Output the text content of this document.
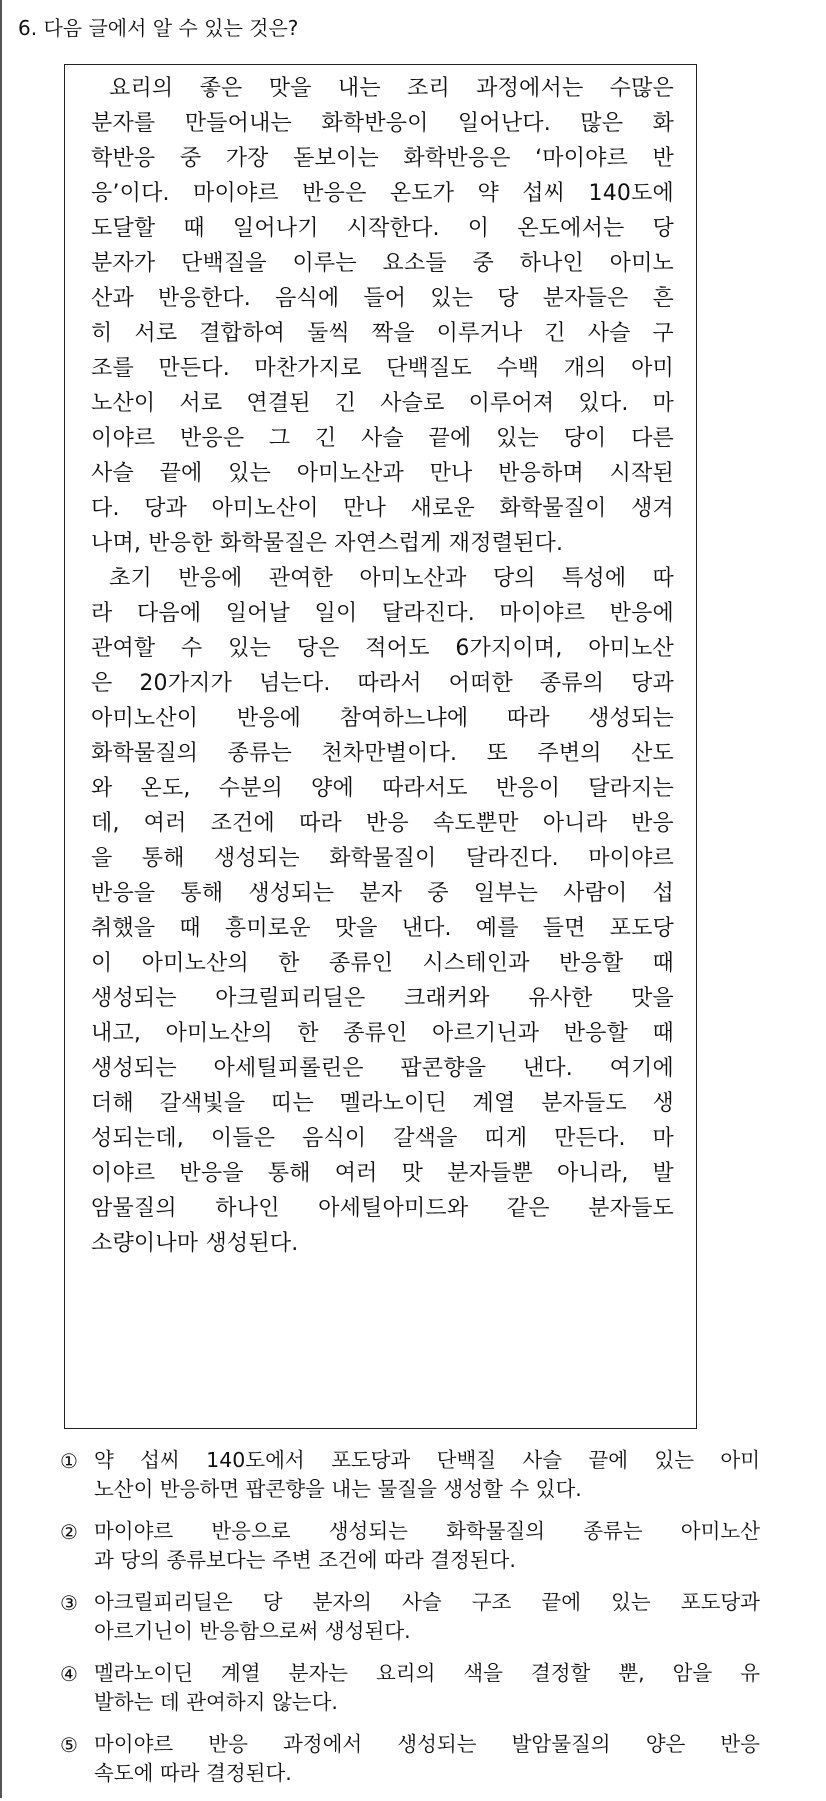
6. 다음 글에서 알 수 있는 것은?
요리의 좋은 맛을 내는 조리 과정에서는 수많은
분자를 만들어내는 화학반응이 일어난다. 많은 화
학반응 중 가장 돋보이는 화학반응은 ‘마이야르 반
응’이다. 마이야르 반응은 온도가 약 섭씨 140도에
도달할 때 일어나기 시작한다. 이 온도에서는 당
분자가 단백질을 이루는 요소들 중 하나인 아미노
산과 반응한다. 음식에 들어 있는 당 분자들은 흔
히 서로 결합하여 둘씩 짝을 이루거나 긴 사슬 구
조를 만든다. 마찬가지로 단백질도 수백 개의 아미
노산이 서로 연결된 긴 사슬로 이루어져 있다. 마
이야르 반응은 그 긴 사슬 끝에 있는 당이 다른
사슬 끝에 있는 아미노산과 만나 반응하며 시작된
다. 당과 아미노산이 만나 새로운 화학물질이 생겨
나며, 반응한 화학물질은 자연스럽게 재정렬된다.
초기 반응에 관여한 아미노산과 당의 특성에 따
라 다음에 일어날 일이 달라진다. 마이야르 반응에
관여할 수 있는 당은 적어도 6가지이며, 아미노산
은 20가지가 넘는다. 따라서 어떠한 종류의 당과
아미노산이 반응에 참여하느냐에 따라 생성되는
화학물질의 종류는 천차만별이다. 또 주변의 산도
와 온도, 수분의 양에 따라서도 반응이 달라지는
데, 여러 조건에 따라 반응 속도뿐만 아니라 반응
을 통해 생성되는 화학물질이 달라진다. 마이야르
반응을 통해 생성되는 분자 중 일부는 사람이 섭
취했을 때 흥미로운 맛을 낸다. 예를 들면 포도당
이 아미노산의 한 종류인 시스테인과 반응할 때
생성되는 아크릴피리딜은 크래커와 유사한 맛을
내고, 아미노산의 한 종류인 아르기닌과 반응할 때
생성되는 아세틸피롤린은 팝콘향을 낸다. 여기에
더해 갈색빛을 띠는 멜라노이딘 계열 분자들도 생
성되는데, 이들은 음식이 갈색을 띠게 만든다. 마
이야르 반응을 통해 여러 맛 분자들뿐 아니라, 발
암물질의 하나인 아세틸아미드와 같은 분자들도
소량이나마 생성된다.
① 약 섭씨 140도에서 포도당과 단백질 사슬 끝에 있는 아미
노산이 반응하면 팝콘향을 내는 물질을 생성할 수 있다.
② 마이야르 반응으로 생성되는 화학물질의 종류는 아미노산
과 당의 종류보다는 주변 조건에 따라 결정된다.
③ 아크릴피리딜은 당 분자의 사슬 구조 끝에 있는 포도당과
아르기닌이 반응함으로써 생성된다.
④ 멜라노이딘 계열 분자는 요리의 색을 결정할 뿐, 암을 유
발하는 데 관여하지 않는다.
⑤ 마이야르 반응 과정에서 생성되는 발암물질의 양은 반응
속도에 따라 결정된다.
